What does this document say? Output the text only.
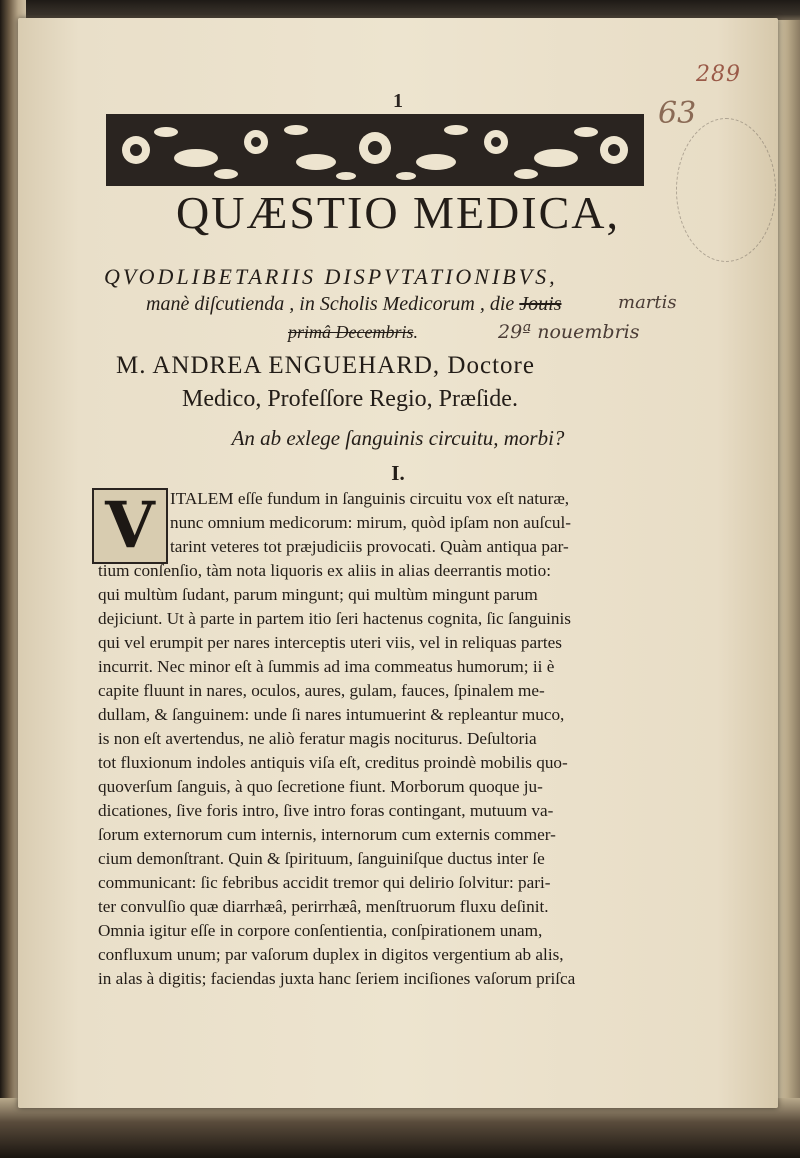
1
289
63
QUÆSTIO MEDICA,
QVODLIBETARIIS DISPVTATIONIBVS,
manè diſcutienda , in Scholis Medicorum , die Jouis	martis
primâ Decembris.	29ª nouembris
M. ANDREA ENGUEHARD, Doctore
Medico, Profeſſore Regio, Præſide.
An ab exlege ſanguinis circuitu, morbi?
I.
V ITALEM eſſe fundum in ſanguinis circuitu vox eſt naturæ,
nunc omnium medicorum: mirum, quòd ipſam non auſcul-
tarint veteres tot præjudiciis provocati. Quàm antiqua par-
tium conſenſio, tàm nota liquoris ex aliis in alias deerrantis motio:
qui multùm ſudant, parum mingunt; qui multùm mingunt parum
dejiciunt. Ut à parte in partem itio ſeri hactenus cognita, ſic ſanguinis
qui vel erumpit per nares interceptis uteri viis, vel in reliquas partes
incurrit. Nec minor eſt à ſummis ad ima commeatus humorum; ii è
capite fluunt in nares, oculos, aures, gulam, fauces, ſpinalem me-
dullam, & ſanguinem: unde ſi nares intumuerint & repleantur muco,
is non eſt avertendus, ne aliò feratur magis nociturus. Deſultoria
tot fluxionum indoles antiquis viſa eſt, creditus proindè mobilis quo-
quoverſum ſanguis, à quo ſecretione fiunt. Morborum quoque ju-
dicationes, ſive foris intro, ſive intro foras contingant, mutuum va-
ſorum externorum cum internis, internorum cum externis commer-
cium demonſtrant. Quin & ſpirituum, ſanguiniſque ductus inter ſe
communicant: ſic febribus accidit tremor qui delirio ſolvitur: pari-
ter convulſio quæ diarrhæâ, perirrhæâ, menſtruorum fluxu deſinit.
Omnia igitur eſſe in corpore conſentientia, conſpirationem unam,
confluxum unum; par vaſorum duplex in digitos vergentium ab alis,
in alas à digitis; faciendas juxta hanc ſeriem inciſiones vaſorum priſca
